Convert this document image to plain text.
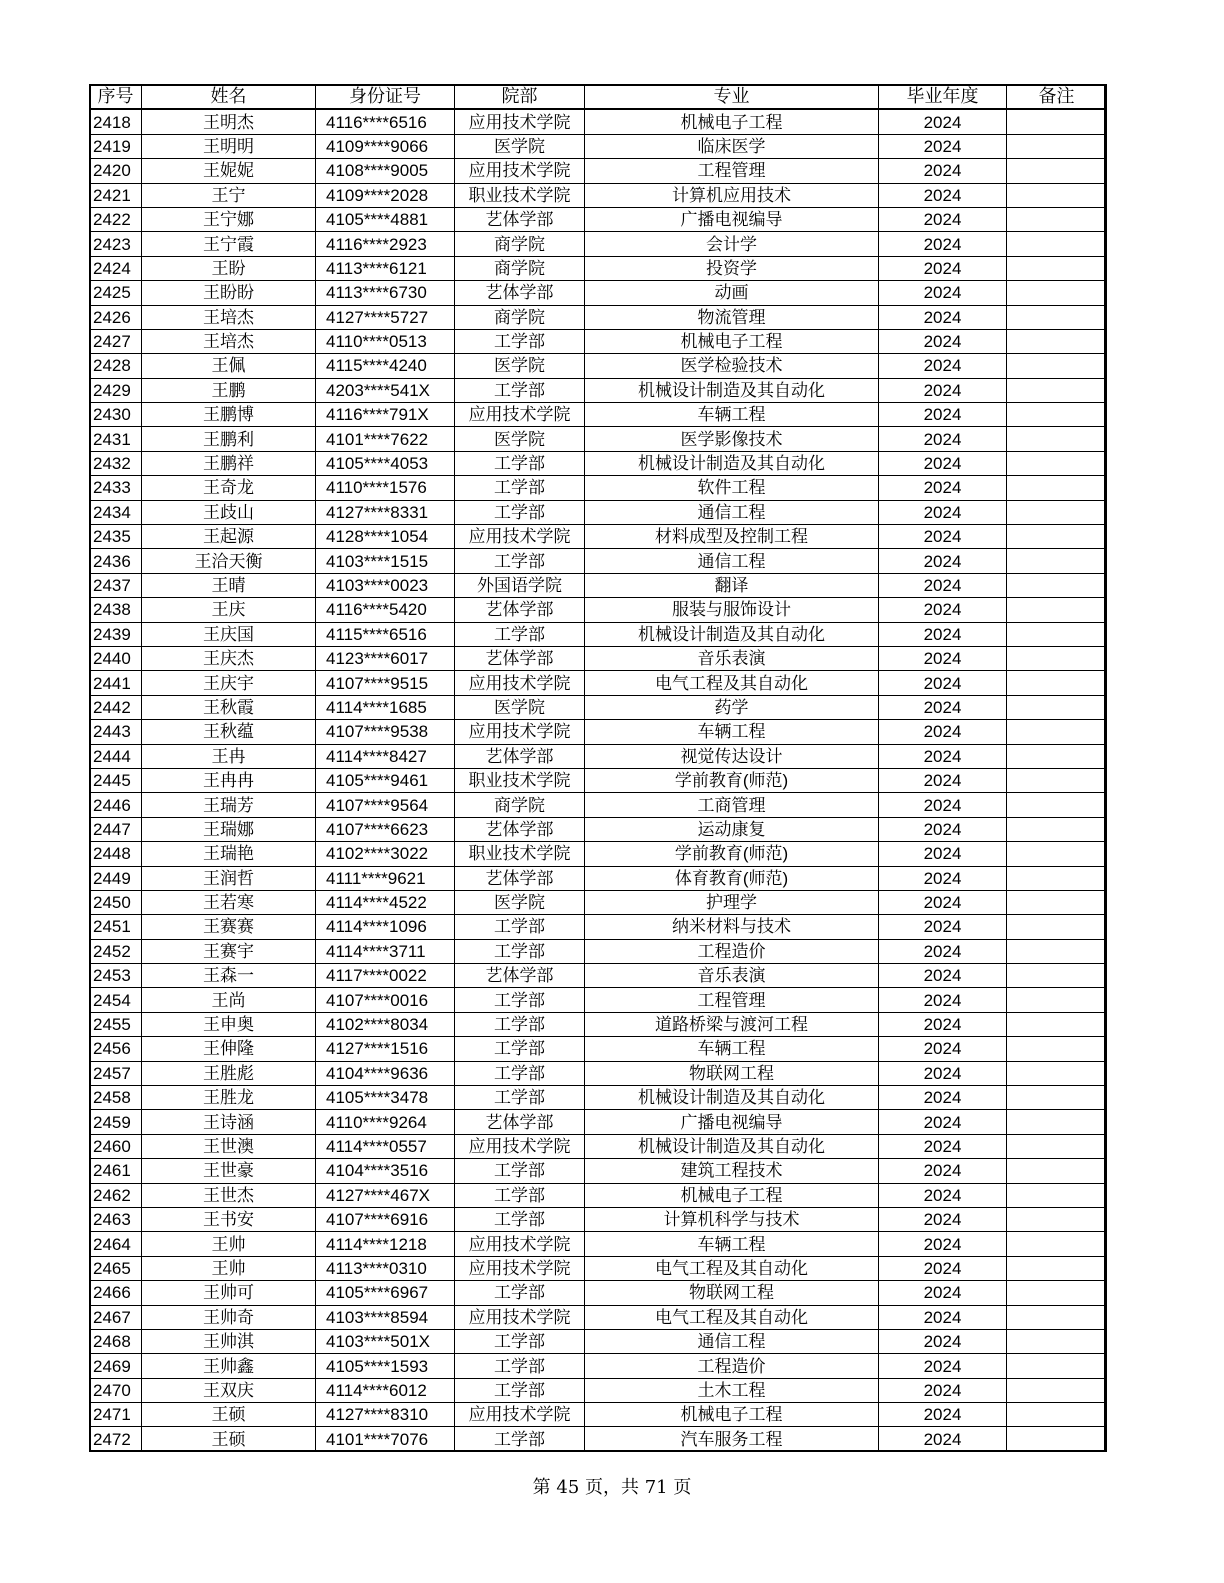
序号	姓名	身份证号	院部	专业	毕业年度	备注
2418	王明杰	4116****6516	应用技术学院	机械电子工程	2024	
2419	王明明	4109****9066	医学院	临床医学	2024	
2420	王妮妮	4108****9005	应用技术学院	工程管理	2024	
2421	王宁	4109****2028	职业技术学院	计算机应用技术	2024	
2422	王宁娜	4105****4881	艺体学部	广播电视编导	2024	
2423	王宁霞	4116****2923	商学院	会计学	2024	
2424	王盼	4113****6121	商学院	投资学	2024	
2425	王盼盼	4113****6730	艺体学部	动画	2024	
2426	王培杰	4127****5727	商学院	物流管理	2024	
2427	王培杰	4110****0513	工学部	机械电子工程	2024	
2428	王佩	4115****4240	医学院	医学检验技术	2024	
2429	王鹏	4203****541X	工学部	机械设计制造及其自动化	2024	
2430	王鹏博	4116****791X	应用技术学院	车辆工程	2024	
2431	王鹏利	4101****7622	医学院	医学影像技术	2024	
2432	王鹏祥	4105****4053	工学部	机械设计制造及其自动化	2024	
2433	王奇龙	4110****1576	工学部	软件工程	2024	
2434	王歧山	4127****8331	工学部	通信工程	2024	
2435	王起源	4128****1054	应用技术学院	材料成型及控制工程	2024	
2436	王洽天衡	4103****1515	工学部	通信工程	2024	
2437	王晴	4103****0023	外国语学院	翻译	2024	
2438	王庆	4116****5420	艺体学部	服装与服饰设计	2024	
2439	王庆国	4115****6516	工学部	机械设计制造及其自动化	2024	
2440	王庆杰	4123****6017	艺体学部	音乐表演	2024	
2441	王庆宇	4107****9515	应用技术学院	电气工程及其自动化	2024	
2442	王秋霞	4114****1685	医学院	药学	2024	
2443	王秋蕴	4107****9538	应用技术学院	车辆工程	2024	
2444	王冉	4114****8427	艺体学部	视觉传达设计	2024	
2445	王冉冉	4105****9461	职业技术学院	学前教育(师范)	2024	
2446	王瑞芳	4107****9564	商学院	工商管理	2024	
2447	王瑞娜	4107****6623	艺体学部	运动康复	2024	
2448	王瑞艳	4102****3022	职业技术学院	学前教育(师范)	2024	
2449	王润哲	4111****9621	艺体学部	体育教育(师范)	2024	
2450	王若寒	4114****4522	医学院	护理学	2024	
2451	王赛赛	4114****1096	工学部	纳米材料与技术	2024	
2452	王赛宇	4114****3711	工学部	工程造价	2024	
2453	王森一	4117****0022	艺体学部	音乐表演	2024	
2454	王尚	4107****0016	工学部	工程管理	2024	
2455	王申奥	4102****8034	工学部	道路桥梁与渡河工程	2024	
2456	王伸隆	4127****1516	工学部	车辆工程	2024	
2457	王胜彪	4104****9636	工学部	物联网工程	2024	
2458	王胜龙	4105****3478	工学部	机械设计制造及其自动化	2024	
2459	王诗涵	4110****9264	艺体学部	广播电视编导	2024	
2460	王世澳	4114****0557	应用技术学院	机械设计制造及其自动化	2024	
2461	王世豪	4104****3516	工学部	建筑工程技术	2024	
2462	王世杰	4127****467X	工学部	机械电子工程	2024	
2463	王书安	4107****6916	工学部	计算机科学与技术	2024	
2464	王帅	4114****1218	应用技术学院	车辆工程	2024	
2465	王帅	4113****0310	应用技术学院	电气工程及其自动化	2024	
2466	王帅可	4105****6967	工学部	物联网工程	2024	
2467	王帅奇	4103****8594	应用技术学院	电气工程及其自动化	2024	
2468	王帅淇	4103****501X	工学部	通信工程	2024	
2469	王帅鑫	4105****1593	工学部	工程造价	2024	
2470	王双庆	4114****6012	工学部	土木工程	2024	
2471	王硕	4127****8310	应用技术学院	机械电子工程	2024	
2472	王硕	4101****7076	工学部	汽车服务工程	2024	
第 45 页，共 71 页
